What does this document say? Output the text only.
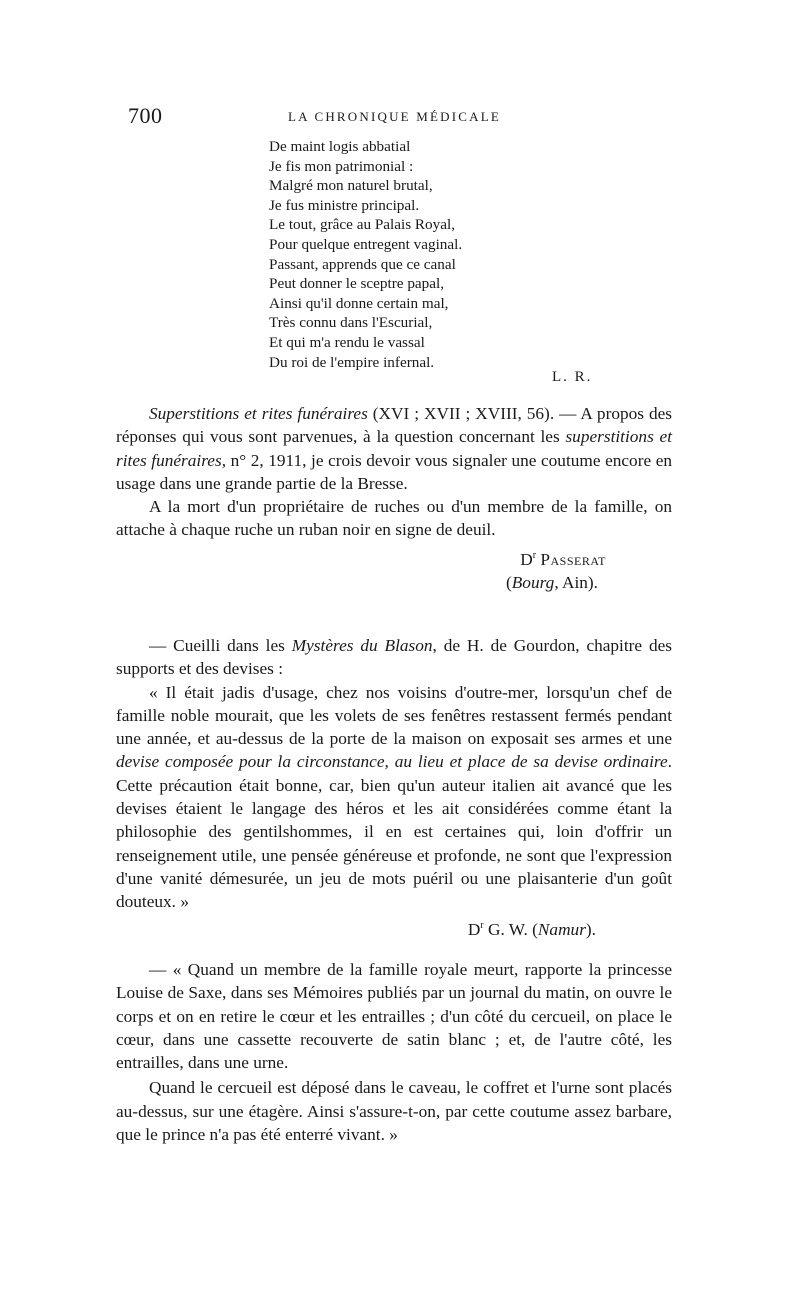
700	LA CHRONIQUE MÉDICALE
De maint logis abbatial
Je fis mon patrimonial :
Malgré mon naturel brutal,
Je fus ministre principal.
Le tout, grâce au Palais Royal,
Pour quelque entregent vaginal.
Passant, apprends que ce canal
Peut donner le sceptre papal,
Ainsi qu'il donne certain mal,
Très connu dans l'Escurial,
Et qui m'a rendu le vassal
Du roi de l'empire infernal.
L. R.

Superstitions et rites funéraires (XVI ; XVII ; XVIII, 56). — A propos des réponses qui vous sont parvenues, à la question concernant les superstitions et rites funéraires, n° 2, 1911, je crois devoir vous signaler une coutume encore en usage dans une grande partie de la Bresse.

A la mort d'un propriétaire de ruches ou d'un membre de la famille, on attache à chaque ruche un ruban noir en signe de deuil.

$D^r$ Passerat

(Bourg, Ain).

— Cueilli dans les Mystères du Blason, de H. de Gourdon, chapitre des supports et des devises :

« Il était jadis d'usage, chez nos voisins d'outre-mer, lorsqu'un chef de famille noble mourait, que les volets de ses fenêtres restassent fermés pendant une année, et au-dessus de la porte de la maison on exposait ses armes et une devise composée pour la circonstance, au lieu et place de sa devise ordinaire. Cette précaution était bonne, car, bien qu'un auteur italien ait avancé que les devises étaient le langage des héros et les ait considérées comme étant la philosophie des gentilshommes, il en est certaines qui, loin d'offrir un renseignement utile, une pensée généreuse et profonde, ne sont que l'expression d'une vanité démesurée, un jeu de mots puéril ou une plaisanterie d'un goût douteux. »

$D^r$ G. W. (Namur).

— « Quand un membre de la famille royale meurt, rapporte la princesse Louise de Saxe, dans ses Mémoires publiés par un journal du matin, on ouvre le corps et on en retire le cœur et les entrailles ; d'un côté du cercueil, on place le cœur, dans une cassette recouverte de satin blanc ; et, de l'autre côté, les entrailles, dans une urne.

Quand le cercueil est déposé dans le caveau, le coffret et l'urne sont placés au-dessus, sur une étagère. Ainsi s'assure-t-on, par cette coutume assez barbare, que le prince n'a pas été enterré vivant. »
